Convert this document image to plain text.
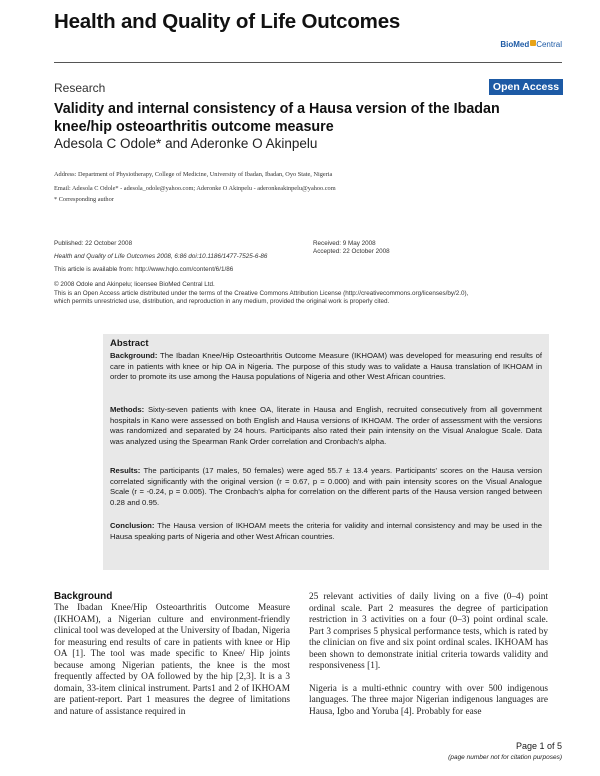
Health and Quality of Life Outcomes
BioMed Central
Research	Open Access
Validity and internal consistency of a Hausa version of the Ibadan
knee/hip osteoarthritis outcome measure
Adesola C Odole* and Aderonke O Akinpelu
Address: Department of Physiotherapy, College of Medicine, University of Ibadan, Ibadan, Oyo State, Nigeria
Email: Adesola C Odole* - adesola_odole@yahoo.com; Aderonke O Akinpelu - aderonkeakinpelu@yahoo.com
* Corresponding author
Published: 22 October 2008
Health and Quality of Life Outcomes 2008, 6:86 doi:10.1186/1477-7525-6-86
This article is available from: http://www.hqlo.com/content/6/1/86
Received: 9 May 2008
Accepted: 22 October 2008
© 2008 Odole and Akinpelu; licensee BioMed Central Ltd.
This is an Open Access article distributed under the terms of the Creative Commons Attribution License (http://creativecommons.org/licenses/by/2.0),
which permits unrestricted use, distribution, and reproduction in any medium, provided the original work is properly cited.
Abstract
Background: The Ibadan Knee/Hip Osteoarthritis Outcome Measure (IKHOAM) was developed for measuring end results of care in patients with knee or hip OA in Nigeria. The purpose of this study was to validate a Hausa translation of IKHOAM in order to promote its use among the Hausa populations of Nigeria and other West African countries.
Methods: Sixty-seven patients with knee OA, literate in Hausa and English, recruited consecutively from all government hospitals in Kano were assessed on both English and Hausa versions of IKHOAM. The order of assessment with the versions was randomized and separated by 24 hours. Participants also rated their pain intensity on the Visual Analogue Scale. Data was analyzed using the Spearman Rank Order correlation and Cronbach's alpha.
Results: The participants (17 males, 50 females) were aged 55.7 ± 13.4 years. Participants' scores on the Hausa version correlated significantly with the original version (r = 0.67, p = 0.000) and with pain intensity scores on the Visual Analogue Scale (r = -0.24, p = 0.005). The Cronbach's alpha for correlation on the different parts of the Hausa version ranged between 0.28 and 0.95.
Conclusion: The Hausa version of IKHOAM meets the criteria for validity and internal consistency and may be used in the Hausa speaking parts of Nigeria and other West African countries.
Background

The Ibadan Knee/Hip Osteoarthritis Outcome Measure (IKHOAM), a Nigerian culture and environment-friendly clinical tool was developed at the University of Ibadan, Nigeria for measuring end results of care in patients with knee or Hip OA [1]. The tool was made specific to Knee/ Hip joints because among Nigerian patients, the knee is the most frequently affected by OA followed by the hip [2,3]. It is a 3 domain, 33-item clinical instrument. Parts1 and 2 of IKHOAM are patient-report. Part 1 measures the degree of limitations and nature of assistance required in

25 relevant activities of daily living on a five (0–4) point ordinal scale. Part 2 measures the degree of participation restriction in 3 activities on a four (0–3) point ordinal scale. Part 3 comprises 5 physical performance tests, which is rated by the clinician on five and six point ordinal scales. IKHOAM has been shown to demonstrate initial criteria towards validity and responsiveness [1].

Nigeria is a multi-ethnic country with over 500 indigenous languages. The three major Nigerian indigenous languages are Hausa, Igbo and Yoruba [4]. Probably for ease

Page 1 of 5
(page number not for citation purposes)
